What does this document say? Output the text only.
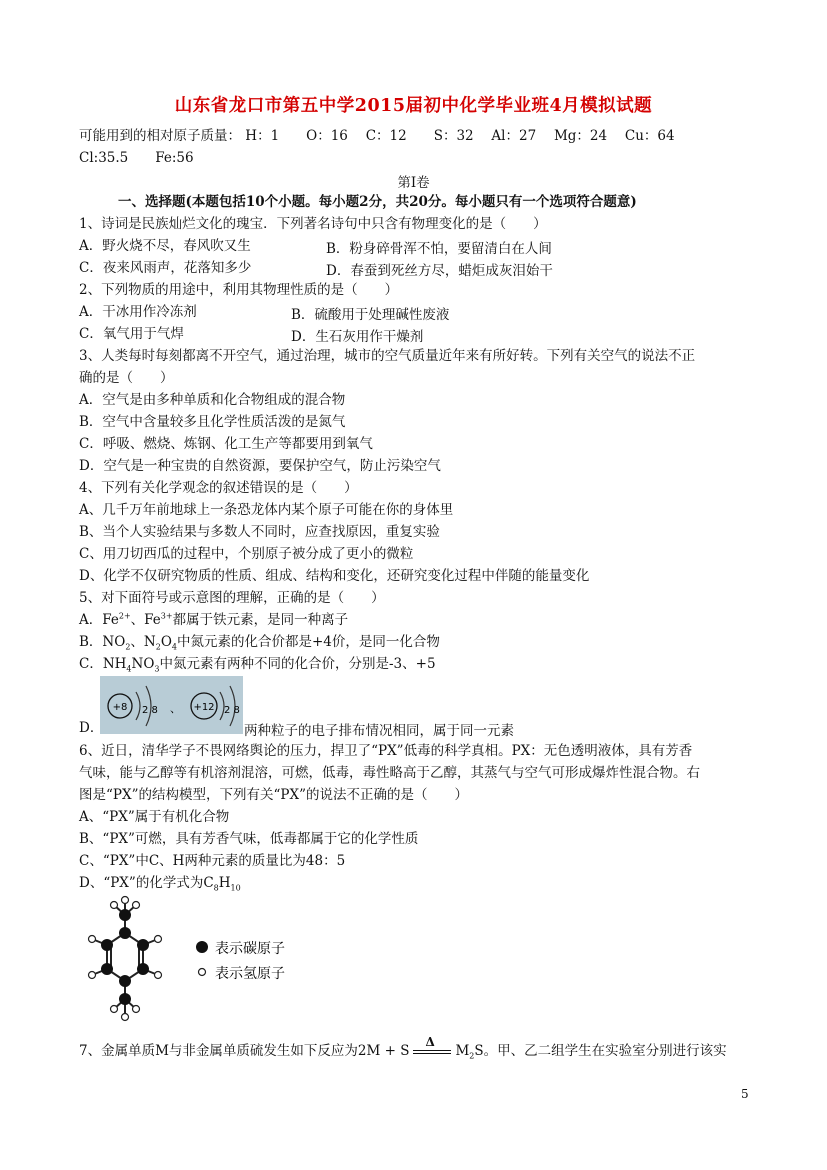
山东省龙口市第五中学2015届初中化学毕业班4月模拟试题
可能用到的相对原子质量： H：1　　O：16　 C：12　　S：32　 Al：27　 Mg：24　 Cu：64
Cl:35.5　　Fe:56
第Ⅰ卷
一、选择题(本题包括10个小题。每小题2分，共20分。每小题只有一个选项符合题意)
1、诗词是民族灿烂文化的瑰宝．下列著名诗句中只含有物理变化的是（　　）
A．野火烧不尽，春风吹又生	B．粉身碎骨浑不怕，要留清白在人间
C．夜来风雨声，花落知多少	D．春蚕到死丝方尽，蜡炬成灰泪始干
2、下列物质的用途中，利用其物理性质的是（　　）
A．干冰用作冷冻剂	B．硫酸用于处理碱性废液
C．氧气用于气焊	D．生石灰用作干燥剂
3、人类每时每刻都离不开空气，通过治理，城市的空气质量近年来有所好转。下列有关空气的说法不正
确的是（　　）
A．空气是由多种单质和化合物组成的混合物
B．空气中含量较多且化学性质活泼的是氮气
C．呼吸、燃烧、炼钢、化工生产等都要用到氧气
D．空气是一种宝贵的自然资源，要保护空气，防止污染空气
4、下列有关化学观念的叙述错误的是（　　）
A、几千万年前地球上一条恐龙体内某个原子可能在你的身体里
B、当个人实验结果与多数人不同时，应查找原因，重复实验
C、用刀切西瓜的过程中，个别原子被分成了更小的微粒
D、化学不仅研究物质的性质、组成、结构和变化，还研究变化过程中伴随的能量变化
5、对下面符号或示意图的理解，正确的是（　　）
A．$Fe^{2+}$、$Fe^{3+}$都属于铁元素，是同一种离子
B．$NO_2$、$N_2O_4$中氮元素的化合价都是+4价，是同一化合物
C．$NH_4NO_3$中氮元素有两种不同的化合价，分别是-3、+5
+8 2 8 、 +12 2 8
D．	两种粒子的电子排布情况相同，属于同一元素
6、近日，清华学子不畏网络舆论的压力，捍卫了“PX”低毒的科学真相。PX：无色透明液体，具有芳香
气味，能与乙醇等有机溶剂混溶，可燃，低毒，毒性略高于乙醇，其蒸气与空气可形成爆炸性混合物。右
图是“PX”的结构模型，下列有关“PX”的说法不正确的是（　　）
A、“PX”属于有机化合物
B、“PX”可燃，具有芳香气味，低毒都属于它的化学性质
C、“PX”中C、H两种元素的质量比为48：5
D、“PX”的化学式为$C_8H_{10}$
表示碳原子
表示氢原子
7、金属单质M与非金属单质硫发生如下反应为2M + S
Δ
$M_2S$。甲、乙二组学生在实验室分别进行该实
5
